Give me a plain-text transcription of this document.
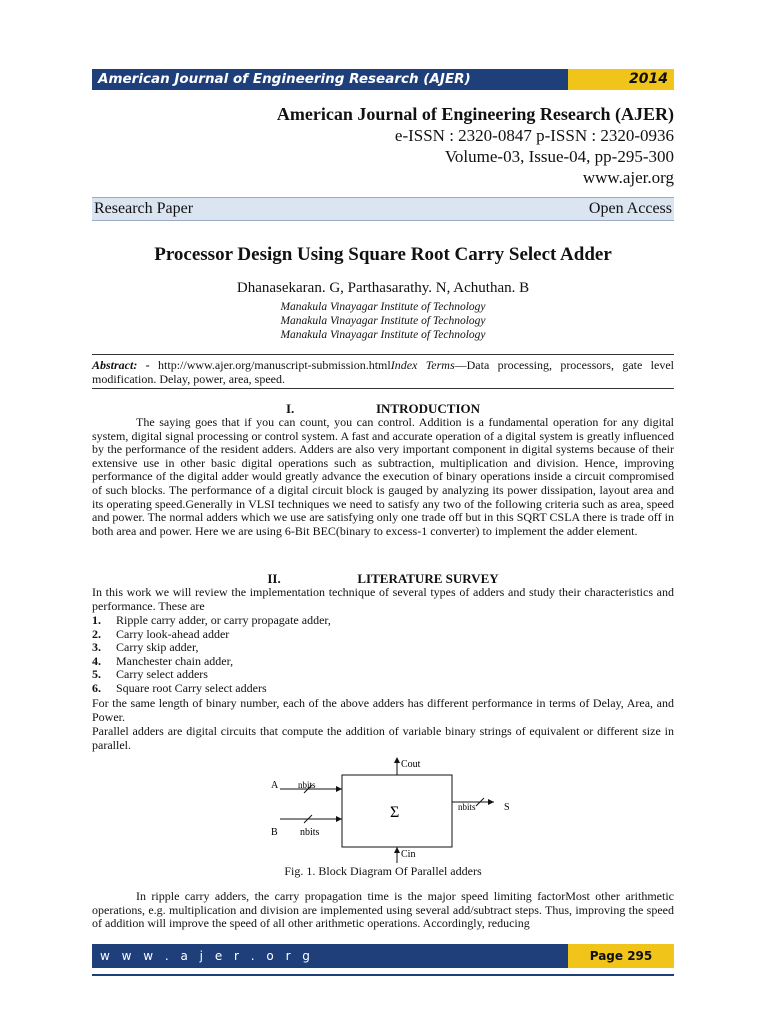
American Journal of Engineering Research (AJER)	2014
American Journal of Engineering Research (AJER)
e-ISSN : 2320-0847 p-ISSN : 2320-0936
Volume-03, Issue-04, pp-295-300
www.ajer.org
Research Paper	Open Access
Processor Design Using Square Root Carry Select Adder
Dhanasekaran. G, Parthasarathy. N, Achuthan. B
Manakula Vinayagar Institute of Technology
Manakula Vinayagar Institute of Technology
Manakula Vinayagar Institute of Technology
Abstract: - http://www.ajer.org/manuscript-submission.htmlIndex Terms—Data processing, processors, gate level modification. Delay, power, area, speed.
I.	INTRODUCTION
The saying goes that if you can count, you can control. Addition is a fundamental operation for any digital system, digital signal processing or control system. A fast and accurate operation of a digital system is greatly influenced by the performance of the resident adders. Adders are also very important component in digital systems because of their extensive use in other basic digital operations such as subtraction, multiplication and division. Hence, improving performance of the digital adder would greatly advance the execution of binary operations inside a circuit compromised of such blocks. The performance of a digital circuit block is gauged by analyzing its power dissipation, layout area and its operating speed.Generally in VLSI techniques we need to satisfy any two of the following criteria such as area, speed and power. The normal adders which we use are satisfying only one trade off but in this SQRT CSLA there is trade off in both area and power. Here we are using 6-Bit BEC(binary to excess-1 converter) to implement the adder element.
II.	LITERATURE SURVEY
In this work we will review the implementation technique of several types of adders and study their characteristics and performance. These are
1.	Ripple carry adder, or carry propagate adder,
2.	Carry look-ahead adder
3.	Carry skip adder,
4.	Manchester chain adder,
5.	Carry select adders
6.	Square root Carry select adders
For the same length of binary number, each of the above adders has different performance in terms of Delay, Area, and Power.
Parallel adders are digital circuits that compute the addition of variable binary strings of equivalent or different size in parallel.
Σ
Cout
Cin
A nbits
B nbits
nbits	S
Fig. 1. Block Diagram Of Parallel adders
In ripple carry adders, the carry propagation time is the major speed limiting factorMost other arithmetic operations, e.g. multiplication and division are implemented using several add/subtract steps. Thus, improving the speed of addition will improve the speed of all other arithmetic operations. Accordingly, reducing
w w w . a j e r . o r g	Page 295
